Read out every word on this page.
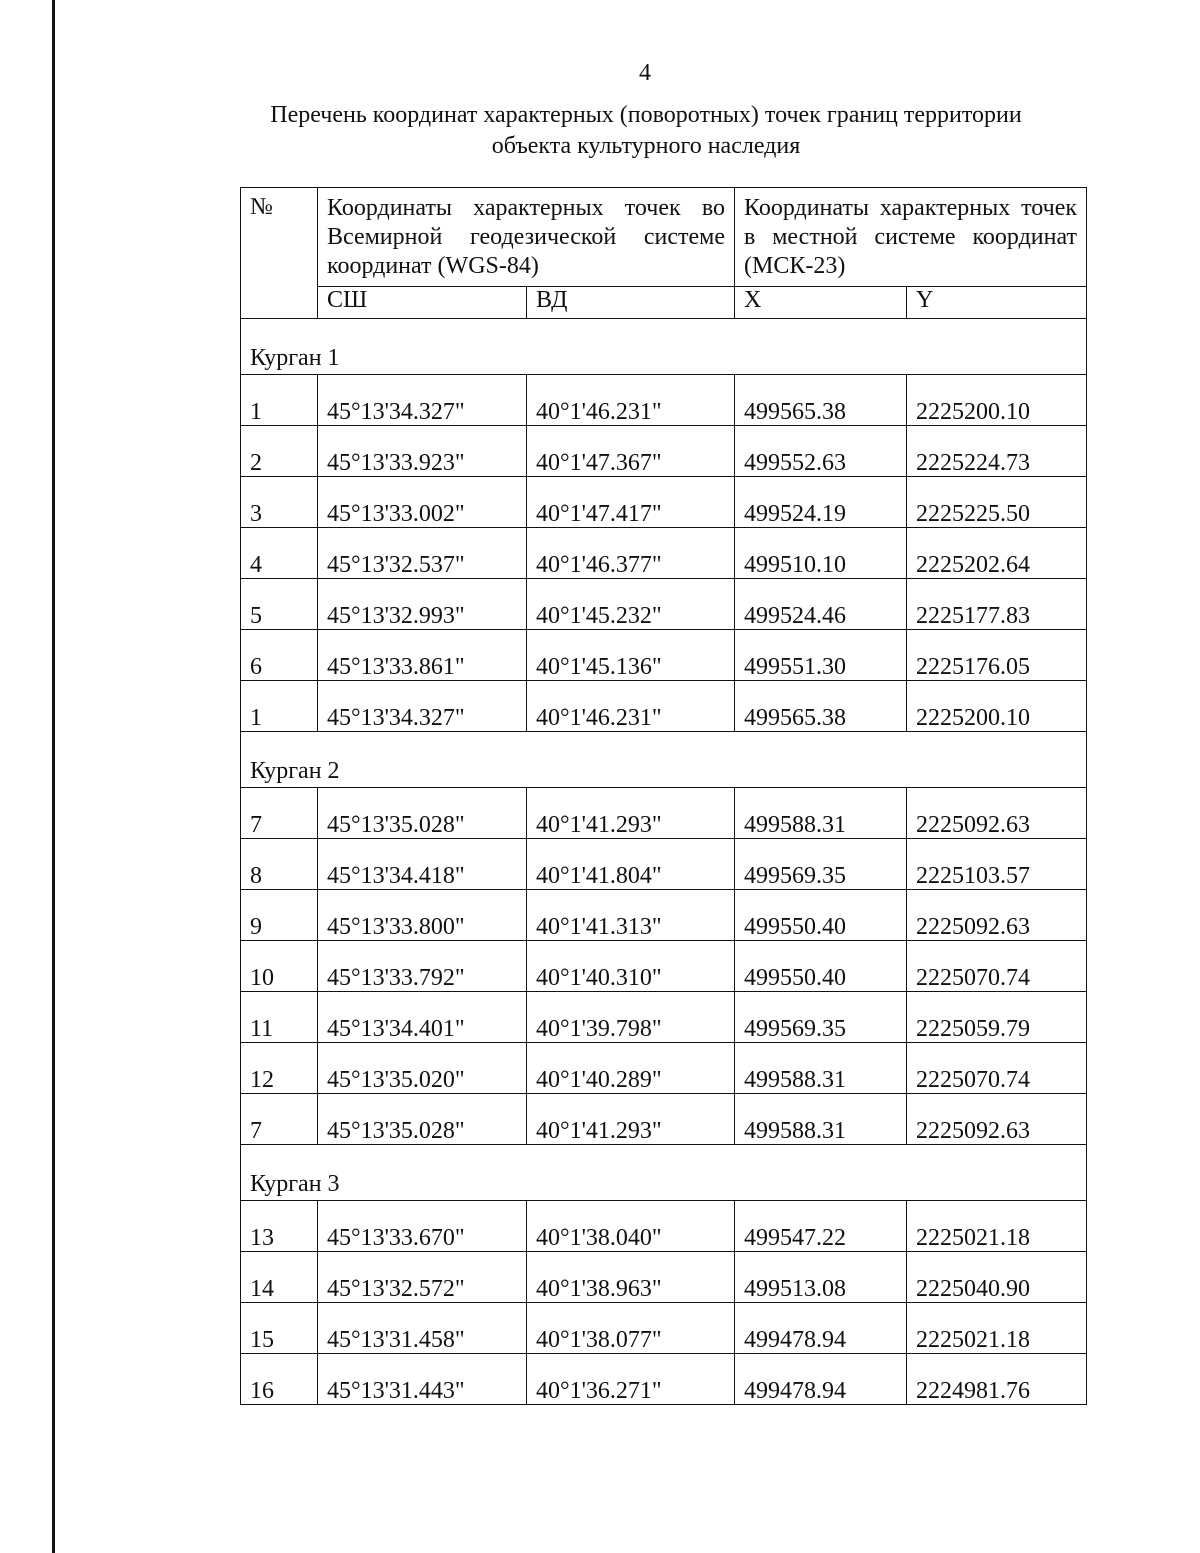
4
Перечень координат характерных (поворотных) точек границ территории
объекта культурного наследия
№	Координаты характерных точек во Всемирной геодезической системе координат (WGS-84)		Координаты характерных точек в местной системе координат (МСК-23)	
	СШ	ВД	X	Y
Курган 1				
1	45°13'34.327"	40°1'46.231"	499565.38	2225200.10
2	45°13'33.923"	40°1'47.367"	499552.63	2225224.73
3	45°13'33.002"	40°1'47.417"	499524.19	2225225.50
4	45°13'32.537"	40°1'46.377"	499510.10	2225202.64
5	45°13'32.993"	40°1'45.232"	499524.46	2225177.83
6	45°13'33.861"	40°1'45.136"	499551.30	2225176.05
1	45°13'34.327"	40°1'46.231"	499565.38	2225200.10
Курган 2				
7	45°13'35.028"	40°1'41.293"	499588.31	2225092.63
8	45°13'34.418"	40°1'41.804"	499569.35	2225103.57
9	45°13'33.800"	40°1'41.313"	499550.40	2225092.63
10	45°13'33.792"	40°1'40.310"	499550.40	2225070.74
11	45°13'34.401"	40°1'39.798"	499569.35	2225059.79
12	45°13'35.020"	40°1'40.289"	499588.31	2225070.74
7	45°13'35.028"	40°1'41.293"	499588.31	2225092.63
Курган 3				
13	45°13'33.670"	40°1'38.040"	499547.22	2225021.18
14	45°13'32.572"	40°1'38.963"	499513.08	2225040.90
15	45°13'31.458"	40°1'38.077"	499478.94	2225021.18
16	45°13'31.443"	40°1'36.271"	499478.94	2224981.76
